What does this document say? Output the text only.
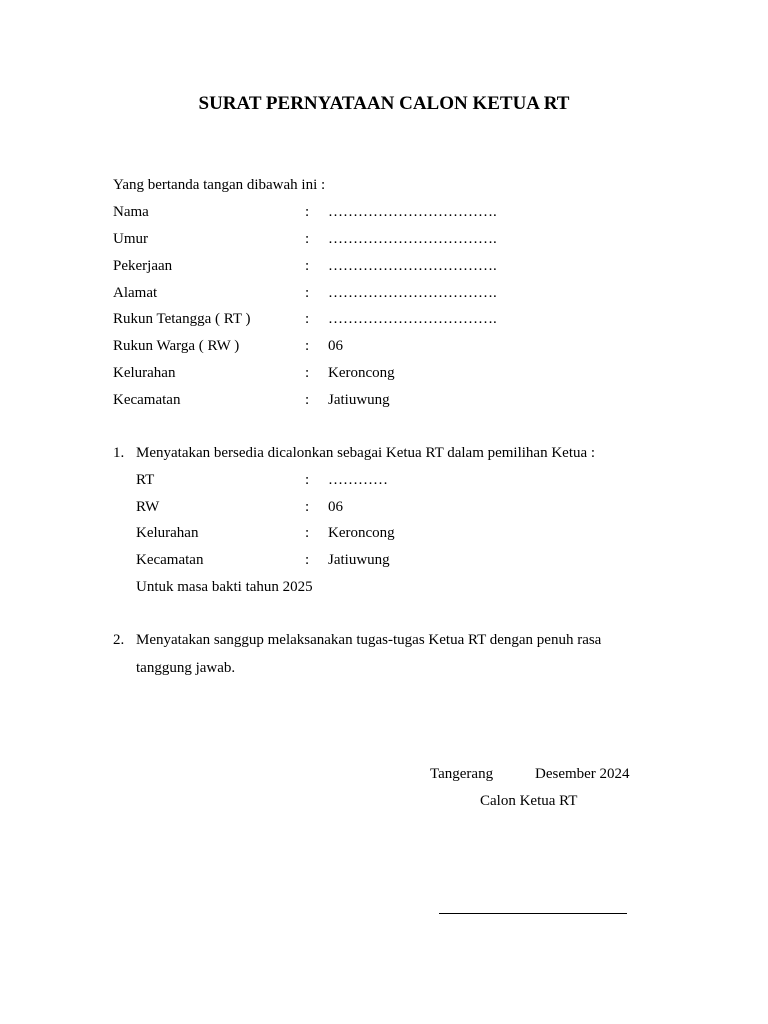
SURAT PERNYATAAN CALON KETUA RT
Yang bertanda tangan dibawah ini :
Nama	: …………………………….
Umur	: …………………………….
Pekerjaan	: …………………………….
Alamat	: …………………………….
Rukun Tetangga ( RT )	: …………………………….
Rukun Warga ( RW )	: 06
Kelurahan	: Keroncong
Kecamatan	: Jatiuwung
1. Menyatakan bersedia dicalonkan sebagai Ketua RT dalam pemilihan Ketua :
RT	: …………
RW	: 06
Kelurahan	: Keroncong
Kecamatan	: Jatiuwung
Untuk masa bakti tahun 2025
2. Menyatakan sanggup melaksanakan tugas-tugas Ketua RT dengan penuh rasa
tanggung jawab.
Tangerang	Desember 2024
Calon Ketua RT
